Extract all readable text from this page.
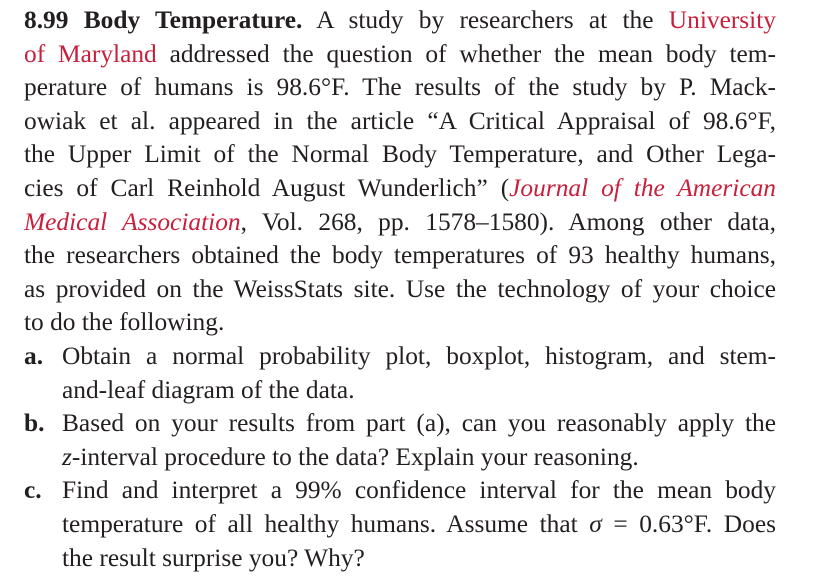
8.99 Body Temperature. A study by researchers at the University
of Maryland addressed the question of whether the mean body tem-
perature of humans is 98.6°F. The results of the study by P. Mack-
owiak et al. appeared in the article “A Critical Appraisal of 98.6°F,
the Upper Limit of the Normal Body Temperature, and Other Lega-
cies of Carl Reinhold August Wunderlich” (Journal of the American
Medical Association, Vol. 268, pp. 1578–1580). Among other data,
the researchers obtained the body temperatures of 93 healthy humans,
as provided on the WeissStats site. Use the technology of your choice
to do the following.
a. Obtain a normal probability plot, boxplot, histogram, and stem-
and-leaf diagram of the data.
b. Based on your results from part (a), can you reasonably apply the
z-interval procedure to the data? Explain your reasoning.
c. Find and interpret a 99% confidence interval for the mean body
temperature of all healthy humans. Assume that σ = 0.63°F. Does
the result surprise you? Why?
